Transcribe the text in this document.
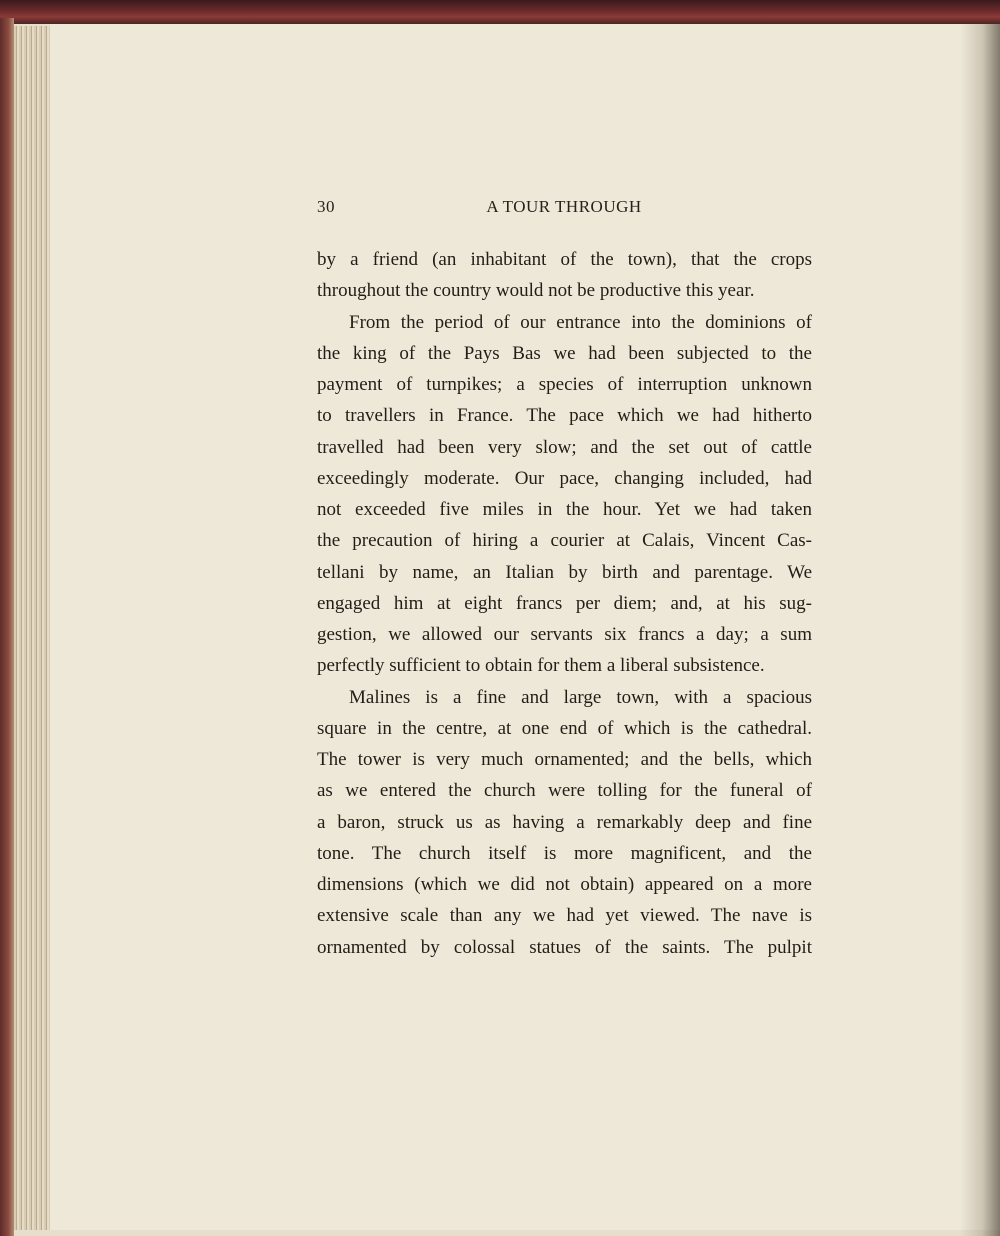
30	A TOUR THROUGH
by a friend (an inhabitant of the town), that the crops
throughout the country would not be productive this year.
From the period of our entrance into the dominions of
the king of the Pays Bas we had been subjected to the
payment of turnpikes; a species of interruption unknown
to travellers in France. The pace which we had hitherto
travelled had been very slow; and the set out of cattle
exceedingly moderate. Our pace, changing included, had
not exceeded five miles in the hour. Yet we had taken
the precaution of hiring a courier at Calais, Vincent Cas-
tellani by name, an Italian by birth and parentage. We
engaged him at eight francs per diem; and, at his sug-
gestion, we allowed our servants six francs a day; a sum
perfectly sufficient to obtain for them a liberal subsistence.
Malines is a fine and large town, with a spacious
square in the centre, at one end of which is the cathedral.
The tower is very much ornamented; and the bells, which
as we entered the church were tolling for the funeral of
a baron, struck us as having a remarkably deep and fine
tone. The church itself is more magnificent, and the
dimensions (which we did not obtain) appeared on a more
extensive scale than any we had yet viewed. The nave is
ornamented by colossal statues of the saints. The pulpit
